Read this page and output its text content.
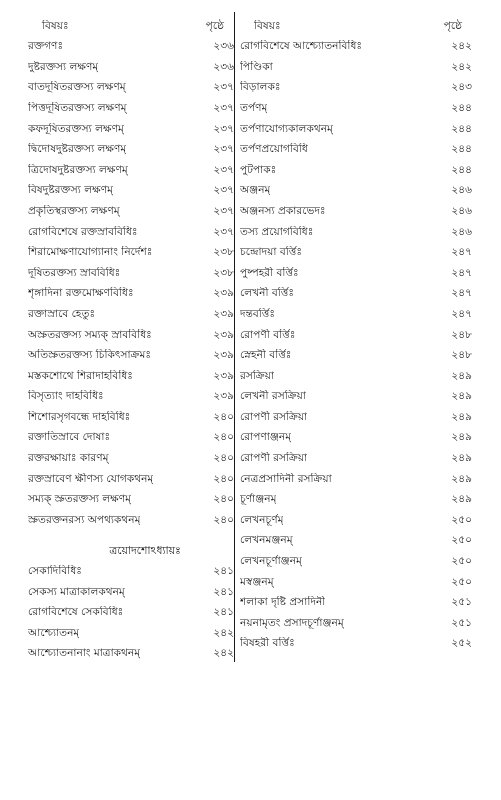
বিষয়ঃ	পৃষ্ঠে
রক্তগণঃ	২৩৬
দুষ্টরক্তস্য লক্ষণম্	২৩৬
বাতদূষিতরক্তস্য লক্ষণম্	২৩৭
পিত্তদূষিতরক্তস্য লক্ষণম্	২৩৭
কফদূষিতরক্তস্য লক্ষণম্	২৩৭
দ্বিদোষদুষ্টরক্তস্য লক্ষণম্	২৩৭
ত্রিদোষদুষ্টরক্তস্য লক্ষণম্	২৩৭
বিষদুষ্টরক্তস্য লক্ষণম্	২৩৭
প্রকৃতিস্থরক্তস্য লক্ষণম্	২৩৭
রোগবিশেষে রক্তস্রাববিধিঃ	২৩৭
শিরামোক্ষণাযোগ্যানাং নির্দেশঃ	২৩৮
দূষিতরক্তস্য স্রাববিধিঃ	২৩৮
শৃঙ্গাদিনা রক্তমোক্ষণবিধিঃ	২৩৯
রক্তাস্রাবে হেতুঃ	২৩৯
অস্রুতরক্তস্য সম্যক্ স্রাববিধিঃ	২৩৯
অতিস্রুতরক্তস্য চিকিৎসাক্রমঃ	২৩৯
মস্তকশোথে শিরাদাহবিধিঃ	২৩৯
বিসৃত্যাং দাহবিধিঃ	২৩৯
শিশোরসৃগবন্ধে দাহবিধিঃ	২৪০
রক্তাতিস্রাবে দোষাঃ	২৪০
রক্তরক্ষায়াঃ কারণম্	২৪০
রক্তস্রাবেণ ক্ষীণস্য যোগকথনম্	২৪০
সম্যক্ স্রুতরক্তস্য লক্ষণম্	২৪০
স্রুতরক্তনরস্য অপথ্যকথনম্	২৪০
ত্রয়োদশোঽধ্যায়ঃ
সেকাদিবিধিঃ	২৪১
সেকস্য মাত্রাকালকথনম্	২৪১
রোগবিশেষে সেকবিধিঃ	২৪১
আশ্চ্যোতনম্	২৪২
আশ্চ্যোতনানাং মাত্রাকথনম্	২৪২
বিষয়ঃ	পৃষ্ঠে
রোগবিশেষে আশ্চ্যোতনবিধিঃ	২৪২
পিণ্ডিকা	২৪২
বিড়ালকঃ	২৪৩
তর্পণম্	২৪৪
তর্পণাযোগ্যকালকথনম্	২৪৪
তর্পণপ্রয়োগবিধি	২৪৪
পুটপাকঃ	২৪৪
অঞ্জনম্	২৪৬
অঞ্জনস্য প্রকারভেদঃ	২৪৬
তস্য প্রয়োগবিধিঃ	২৪৬
চন্দ্রোদয়া বর্ত্তিঃ	২৪৭
পুষ্পহরী বর্ত্তিঃ	২৪৭
লেখনী বর্ত্তিঃ	২৪৭
দন্তবর্ত্তিঃ	২৪৭
রোপণী বর্ত্তিঃ	২৪৮
স্নেহনী বর্ত্তিঃ	২৪৮
রসক্রিয়া	২৪৯
লেখনী রসক্রিয়া	২৪৯
রোপণী রসক্রিয়া	২৪৯
রোপণাঞ্জনম্	২৪৯
রোপণী রসক্রিয়া	২৪৯
নেত্রপ্রসাদিনী রসক্রিয়া	২৪৯
চূর্ণাঞ্জনম্	২৪৯
লেখনচূর্ণম্	২৫০
লেখনমঞ্জনম্	২৫০
লেখনচূর্ণাঞ্জনম্	২৫০
মস্বঞ্জনম্	২৫০
শলাকা দৃষ্টি প্রসাদিনী	২৫১
নয়নামৃতং প্রসাদচূর্ণাঞ্জনম্	২৫১
বিষহরী বর্ত্তিঃ	২৫২
